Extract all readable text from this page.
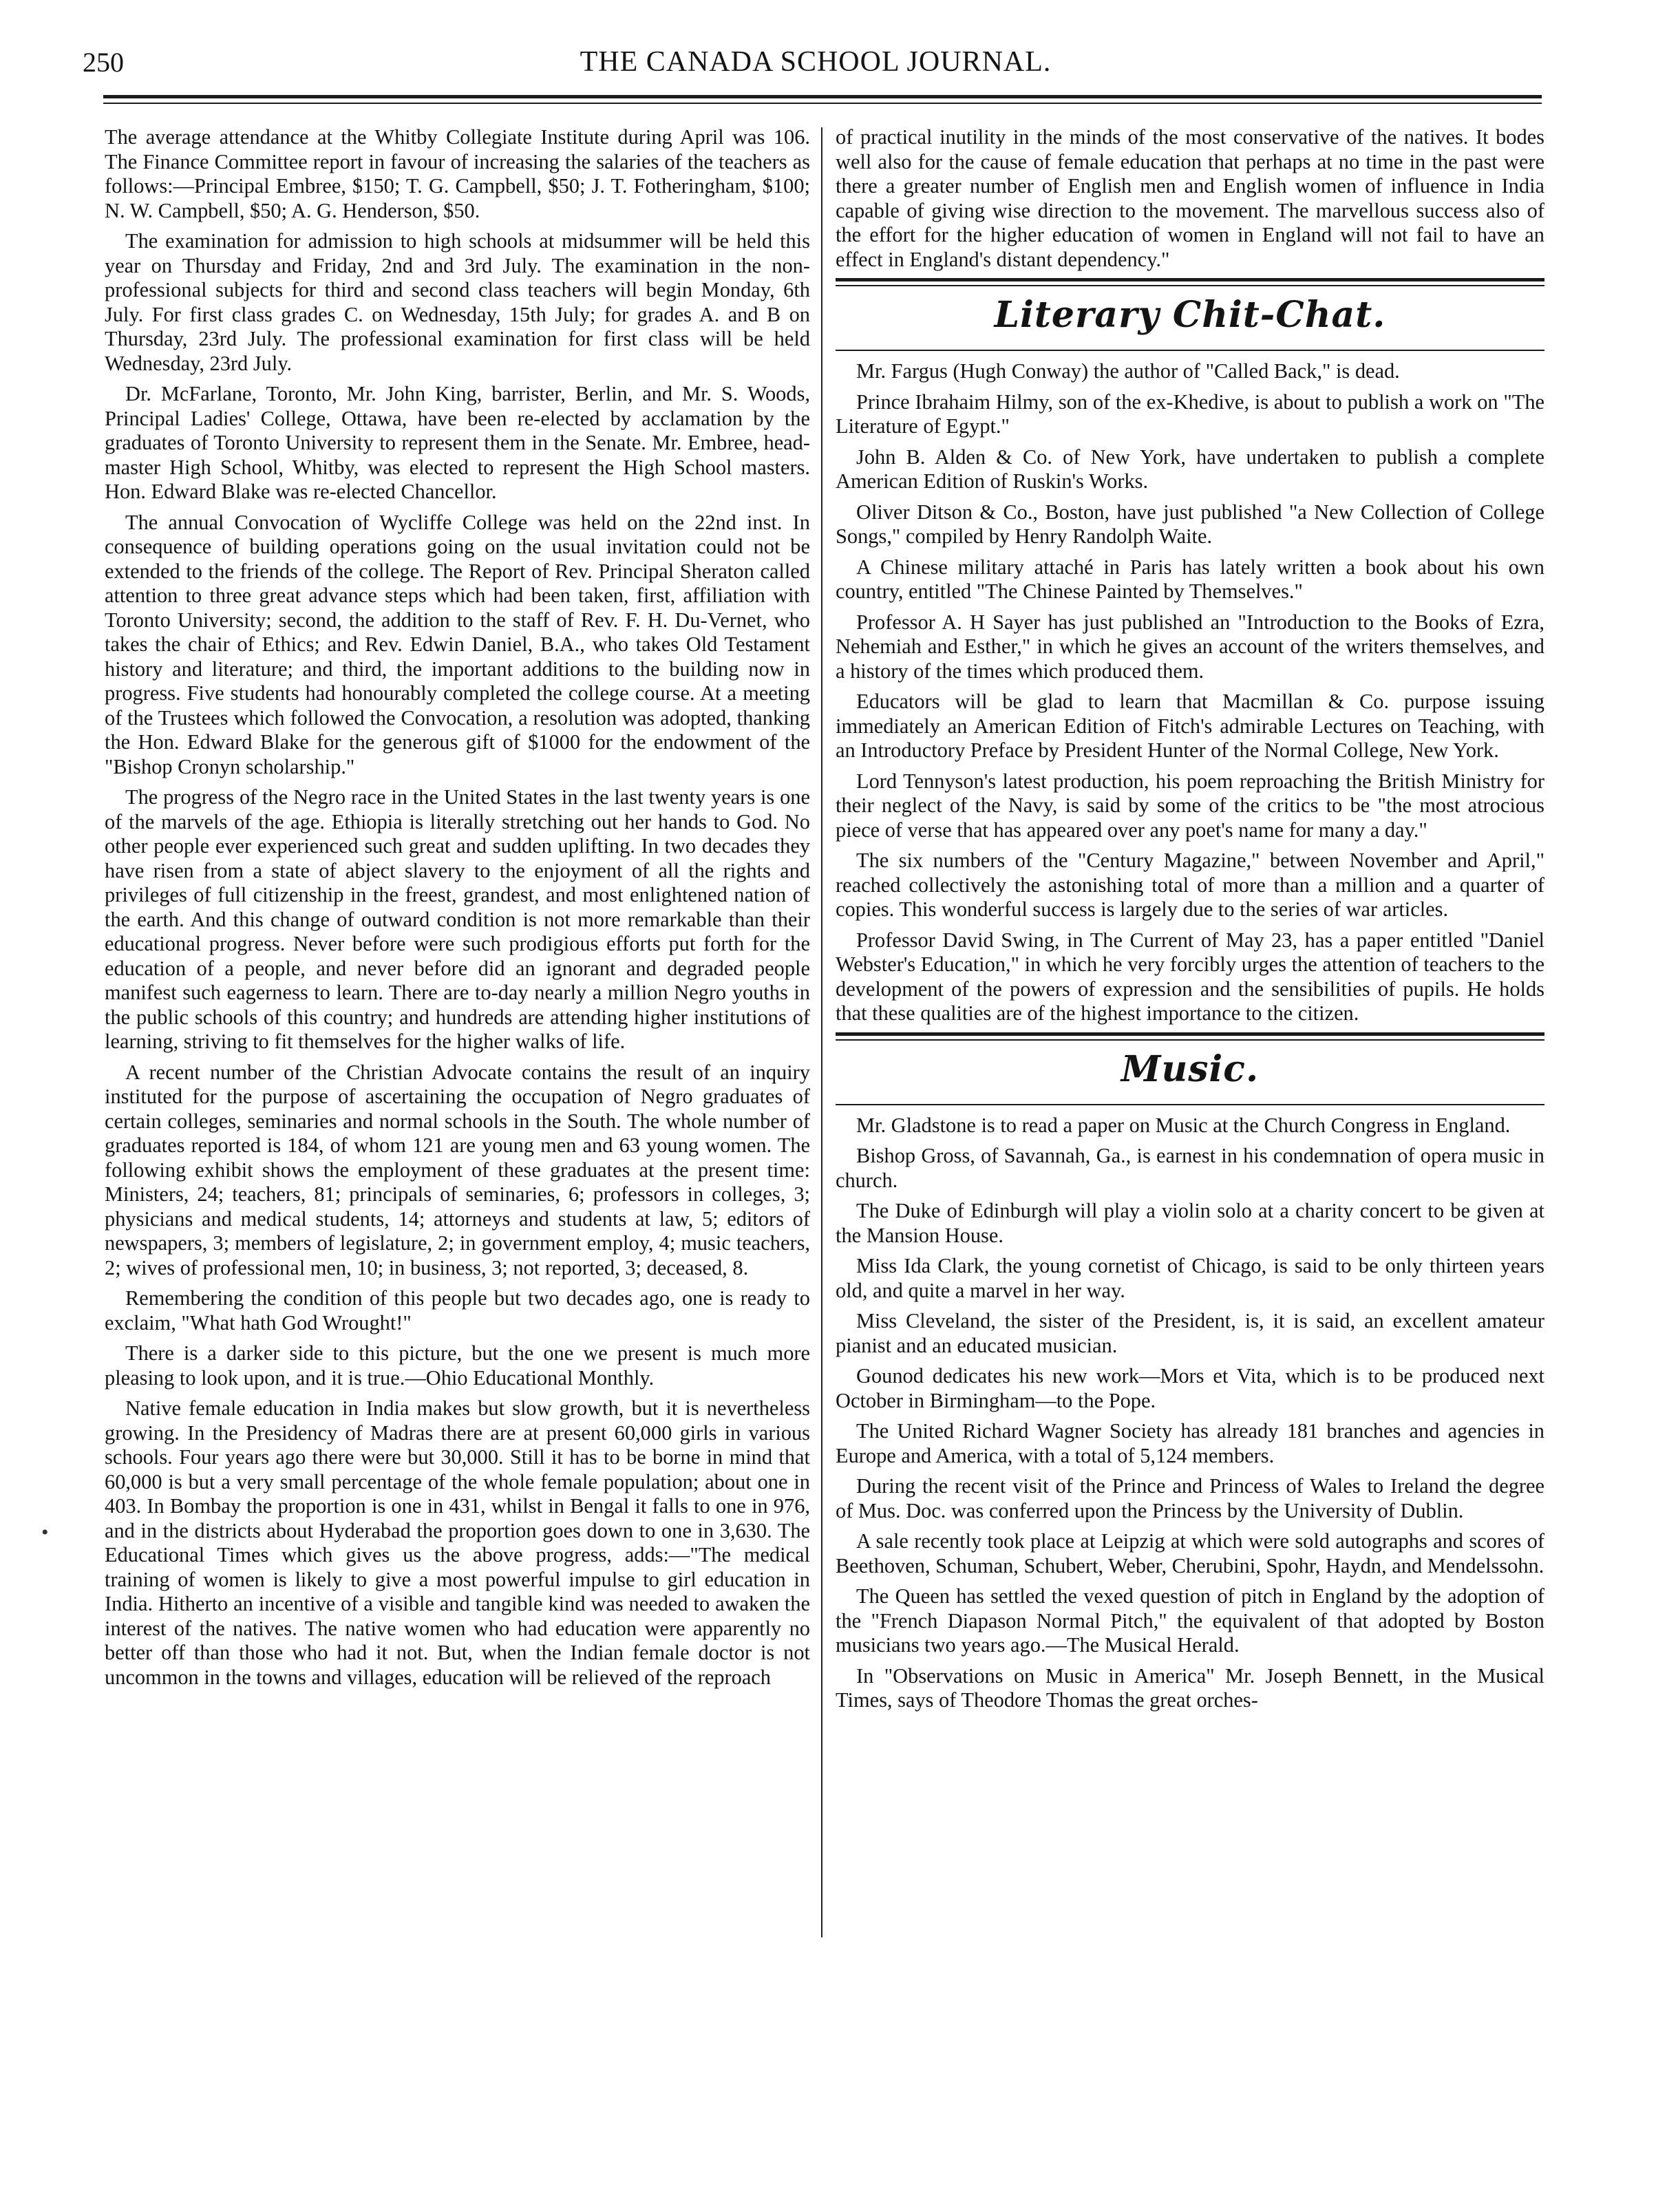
250	THE CANADA SCHOOL JOURNAL.

The average attendance at the Whitby Collegiate Institute during April was 106. The Finance Committee report in favour of increasing the salaries of the teachers as follows:—Principal Embree, $150; T. G. Campbell, $50; J. T. Fotheringham, $100; N. W. Campbell, $50; A. G. Henderson, $50.

The examination for admission to high schools at midsummer will be held this year on Thursday and Friday, 2nd and 3rd July. The examination in the non-professional subjects for third and second class teachers will begin Monday, 6th July. For first class grades C. on Wednesday, 15th July; for grades A. and B on Thursday, 23rd July. The professional examination for first class will be held Wednesday, 23rd July.

Dr. McFarlane, Toronto, Mr. John King, barrister, Berlin, and Mr. S. Woods, Principal Ladies' College, Ottawa, have been re-elected by acclamation by the graduates of Toronto University to represent them in the Senate. Mr. Embree, head-master High School, Whitby, was elected to represent the High School masters. Hon. Edward Blake was re-elected Chancellor.

The annual Convocation of Wycliffe College was held on the 22nd inst. In consequence of building operations going on the usual invitation could not be extended to the friends of the college. The Report of Rev. Principal Sheraton called attention to three great advance steps which had been taken, first, affiliation with Toronto University; second, the addition to the staff of Rev. F. H. Du-Vernet, who takes the chair of Ethics; and Rev. Edwin Daniel, B.A., who takes Old Testament history and literature; and third, the important additions to the building now in progress. Five students had honourably completed the college course. At a meeting of the Trustees which followed the Convocation, a resolution was adopted, thanking the Hon. Edward Blake for the generous gift of $1000 for the endowment of the "Bishop Cronyn scholarship."

The progress of the Negro race in the United States in the last twenty years is one of the marvels of the age. Ethiopia is literally stretching out her hands to God. No other people ever experienced such great and sudden uplifting. In two decades they have risen from a state of abject slavery to the enjoyment of all the rights and privileges of full citizenship in the freest, grandest, and most enlightened nation of the earth. And this change of outward condition is not more remarkable than their educational progress. Never before were such prodigious efforts put forth for the education of a people, and never before did an ignorant and degraded people manifest such eagerness to learn. There are to-day nearly a million Negro youths in the public schools of this country; and hundreds are attending higher institutions of learning, striving to fit themselves for the higher walks of life.

A recent number of the Christian Advocate contains the result of an inquiry instituted for the purpose of ascertaining the occupation of Negro graduates of certain colleges, seminaries and normal schools in the South. The whole number of graduates reported is 184, of whom 121 are young men and 63 young women. The following exhibit shows the employment of these graduates at the present time: Ministers, 24; teachers, 81; principals of seminaries, 6; professors in colleges, 3; physicians and medical students, 14; attorneys and students at law, 5; editors of newspapers, 3; members of legislature, 2; in government employ, 4; music teachers, 2; wives of professional men, 10; in business, 3; not reported, 3; deceased, 8.

Remembering the condition of this people but two decades ago, one is ready to exclaim, "What hath God Wrought!"

There is a darker side to this picture, but the one we present is much more pleasing to look upon, and it is true.—Ohio Educational Monthly.

Native female education in India makes but slow growth, but it is nevertheless growing. In the Presidency of Madras there are at present 60,000 girls in various schools. Four years ago there were but 30,000. Still it has to be borne in mind that 60,000 is but a very small percentage of the whole female population; about one in 403. In Bombay the proportion is one in 431, whilst in Bengal it falls to one in 976, and in the districts about Hyderabad the proportion goes down to one in 3,630. The Educational Times which gives us the above progress, adds:—"The medical training of women is likely to give a most powerful impulse to girl education in India. Hitherto an incentive of a visible and tangible kind was needed to awaken the interest of the natives. The native women who had education were apparently no better off than those who had it not. But, when the Indian female doctor is not uncommon in the towns and villages, education will be relieved of the reproach

of practical inutility in the minds of the most conservative of the natives. It bodes well also for the cause of female education that perhaps at no time in the past were there a greater number of English men and English women of influence in India capable of giving wise direction to the movement. The marvellous success also of the effort for the higher education of women in England will not fail to have an effect in England's distant dependency."

Literary Chit-Chat.

Mr. Fargus (Hugh Conway) the author of "Called Back," is dead.

Prince Ibrahaim Hilmy, son of the ex-Khedive, is about to publish a work on "The Literature of Egypt."

John B. Alden & Co. of New York, have undertaken to publish a complete American Edition of Ruskin's Works.

Oliver Ditson & Co., Boston, have just published "a New Collection of College Songs," compiled by Henry Randolph Waite.

A Chinese military attaché in Paris has lately written a book about his own country, entitled "The Chinese Painted by Themselves."

Professor A. H Sayer has just published an "Introduction to the Books of Ezra, Nehemiah and Esther," in which he gives an account of the writers themselves, and a history of the times which produced them.

Educators will be glad to learn that Macmillan & Co. purpose issuing immediately an American Edition of Fitch's admirable Lectures on Teaching, with an Introductory Preface by President Hunter of the Normal College, New York.

Lord Tennyson's latest production, his poem reproaching the British Ministry for their neglect of the Navy, is said by some of the critics to be "the most atrocious piece of verse that has appeared over any poet's name for many a day."

The six numbers of the "Century Magazine," between November and April," reached collectively the astonishing total of more than a million and a quarter of copies. This wonderful success is largely due to the series of war articles.

Professor David Swing, in The Current of May 23, has a paper entitled "Daniel Webster's Education," in which he very forcibly urges the attention of teachers to the development of the powers of expression and the sensibilities of pupils. He holds that these qualities are of the highest importance to the citizen.

Music.

Mr. Gladstone is to read a paper on Music at the Church Congress in England.

Bishop Gross, of Savannah, Ga., is earnest in his condemnation of opera music in church.

The Duke of Edinburgh will play a violin solo at a charity concert to be given at the Mansion House.

Miss Ida Clark, the young cornetist of Chicago, is said to be only thirteen years old, and quite a marvel in her way.

Miss Cleveland, the sister of the President, is, it is said, an excellent amateur pianist and an educated musician.

Gounod dedicates his new work—Mors et Vita, which is to be produced next October in Birmingham—to the Pope.

The United Richard Wagner Society has already 181 branches and agencies in Europe and America, with a total of 5,124 members.

During the recent visit of the Prince and Princess of Wales to Ireland the degree of Mus. Doc. was conferred upon the Princess by the University of Dublin.

A sale recently took place at Leipzig at which were sold autographs and scores of Beethoven, Schuman, Schubert, Weber, Cherubini, Spohr, Haydn, and Mendelssohn.

The Queen has settled the vexed question of pitch in England by the adoption of the "French Diapason Normal Pitch," the equivalent of that adopted by Boston musicians two years ago.—The Musical Herald.

In "Observations on Music in America" Mr. Joseph Bennett, in the Musical Times, says of Theodore Thomas the great orches-

•
